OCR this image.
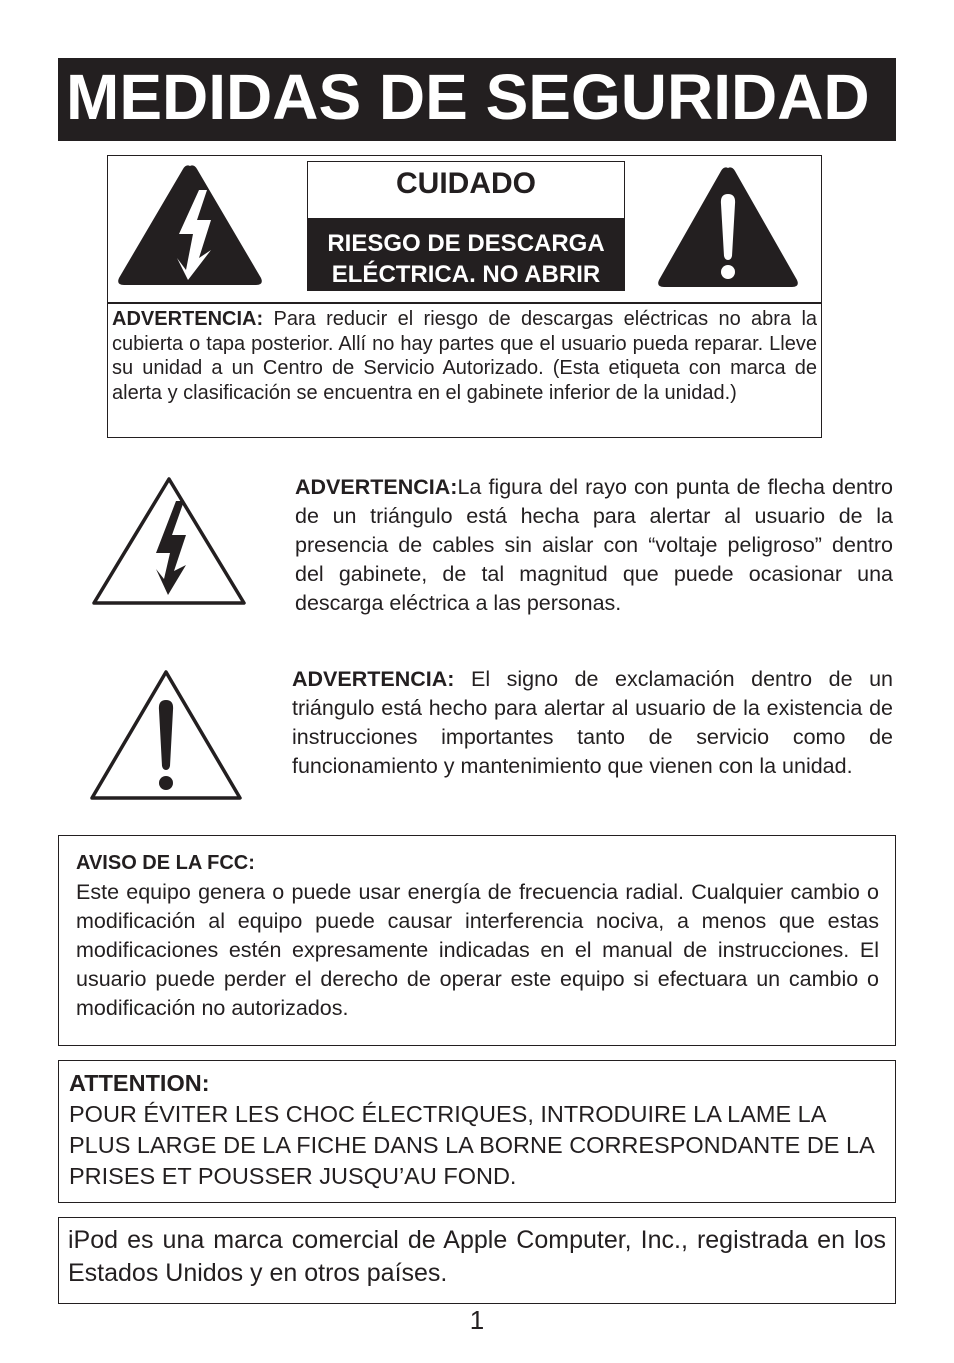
MEDIDAS DE SEGURIDAD
CUIDADO
RIESGO DE DESCARGA
ELÉCTRICA. NO ABRIR
ADVERTENCIA: Para reducir el riesgo de descargas eléctricas no abra la cubierta o tapa posterior. Allí no hay partes que el usuario pueda reparar. Lleve su unidad a un Centro de Servicio Autorizado. (Esta etiqueta con marca de alerta y clasificación se encuentra en el gabinete inferior de la unidad.)
ADVERTENCIA:La figura del rayo con punta de flecha dentro de un triángulo está hecha para alertar al usuario de la presencia de cables sin aislar con “voltaje peligroso” dentro del gabinete, de tal magnitud que puede ocasionar una descarga eléctrica a las personas.
ADVERTENCIA: El signo de exclamación dentro de un triángulo está hecho para alertar al usuario de la existencia de instrucciones importantes tanto de servicio como de funcionamiento y mantenimiento que vienen con la unidad.
AVISO DE LA FCC:
Este equipo genera o puede usar energía de frecuencia radial. Cualquier cambio o modificación al equipo puede causar interferencia nociva, a menos que estas modificaciones estén expresamente indicadas en el manual de instrucciones. El usuario puede perder el derecho de operar este equipo si efectuara un cambio o modificación no autorizados.
ATTENTION:
POUR ÉVITER LES CHOC ÉLECTRIQUES, INTRODUIRE LA LAME LA PLUS LARGE DE LA FICHE DANS LA BORNE CORRESPONDANTE DE LA PRISES ET POUSSER JUSQU’AU FOND.
iPod es una marca comercial de Apple Computer, Inc., registrada en los Estados Unidos y en otros países.
1
